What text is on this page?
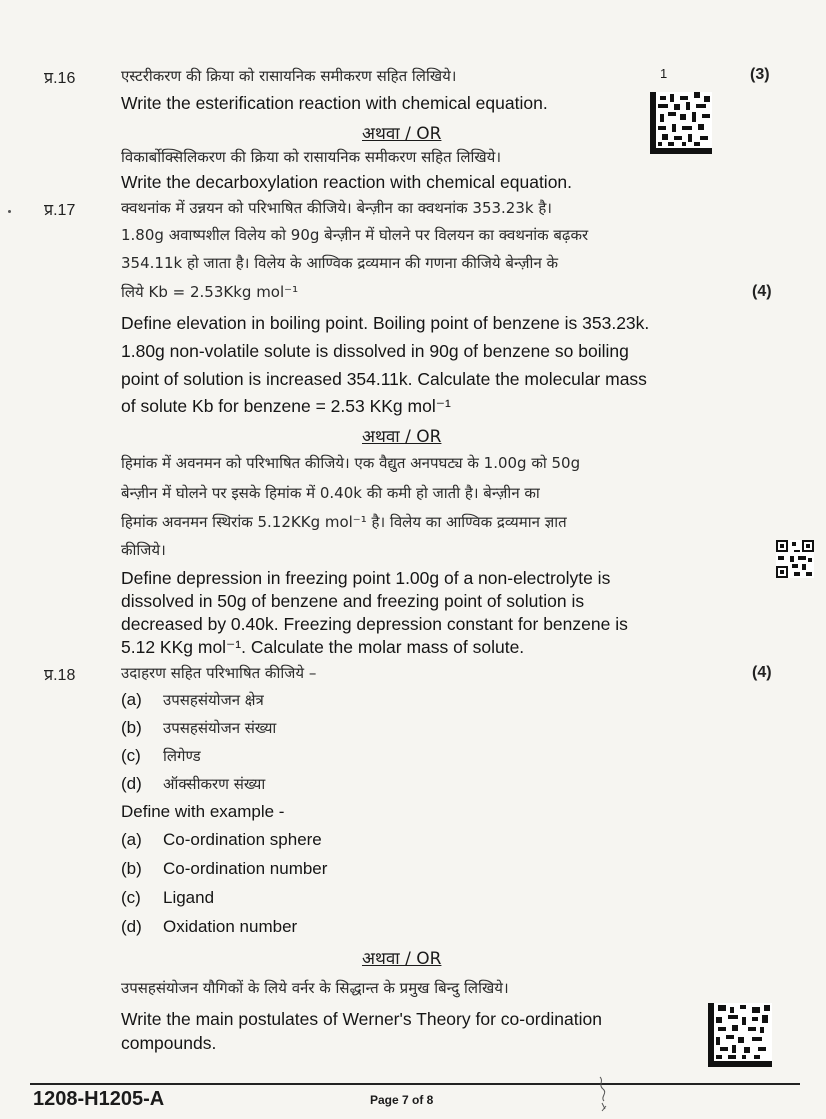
प्र.16	एस्टरीकरण की क्रिया को रासायनिक समीकरण सहित लिखिये।	1	(3)
Write the esterification reaction with chemical equation.
अथवा / OR
विकार्बोक्सिलिकरण की क्रिया को रासायनिक समीकरण सहित लिखिये।
Write the decarboxylation reaction with chemical equation.
प्र.17	क्वथनांक में उन्नयन को परिभाषित कीजिये। बेन्ज़ीन का क्वथनांक 353.23k है।
1.80g अवाष्पशील विलेय को 90g बेन्ज़ीन में घोलने पर विलयन का क्वथनांक बढ़कर
354.11k हो जाता है। विलेय के आण्विक द्रव्यमान की गणना कीजिये बेन्ज़ीन के
लिये Kb = 2.53Kkg mol⁻¹	(4)
Define elevation in boiling point. Boiling point of benzene is 353.23k.
1.80g non-volatile solute is dissolved in 90g of benzene so boiling
point of solution is increased 354.11k. Calculate the molecular mass
of solute Kb for benzene = 2.53 KKg mol⁻¹
अथवा / OR
हिमांक में अवनमन को परिभाषित कीजिये। एक वैद्युत अनपघट्य के 1.00g को 50g
बेन्ज़ीन में घोलने पर इसके हिमांक में 0.40k की कमी हो जाती है। बेन्ज़ीन का
हिमांक अवनमन स्थिरांक 5.12KKg mol⁻¹ है। विलेय का आण्विक द्रव्यमान ज्ञात
कीजिये।
Define depression in freezing point 1.00g of a non-electrolyte is
dissolved in 50g of benzene and freezing point of solution is
decreased by 0.40k. Freezing depression constant for benzene is
5.12 KKg mol⁻¹. Calculate the molar mass of solute.
प्र.18	उदाहरण सहित परिभाषित कीजिये –	(4)
(a) उपसहसंयोजन क्षेत्र
(b) उपसहसंयोजन संख्या
(c) लिगेण्ड
(d) ऑक्सीकरण संख्या
Define with example -
(a) Co-ordination sphere
(b) Co-ordination number
(c) Ligand
(d) Oxidation number
अथवा / OR
उपसहसंयोजन यौगिकों के लिये वर्नर के सिद्धान्त के प्रमुख बिन्दु लिखिये।
Write the main postulates of Werner's Theory for co-ordination
compounds.
1208-H1205-A	Page 7 of 8
